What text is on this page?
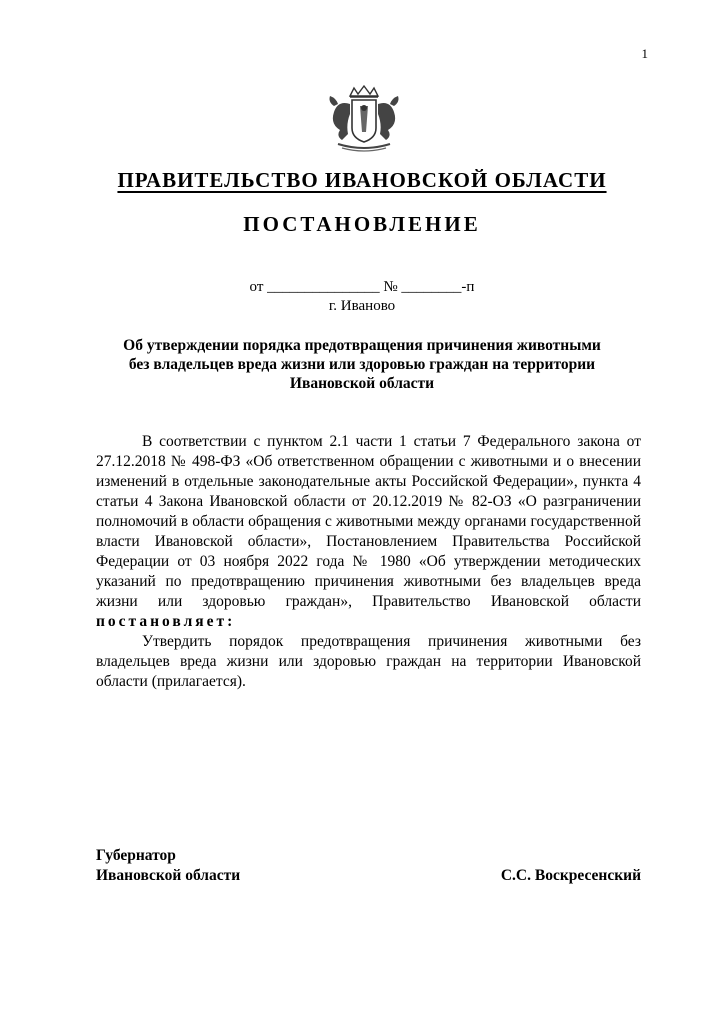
1
ПРАВИТЕЛЬСТВО ИВАНОВСКОЙ ОБЛАСТИ
ПОСТАНОВЛЕНИЕ
от _______________ № ________-п
г. Иваново
Об утверждении порядка предотвращения причинения животными
без владельцев вреда жизни или здоровью граждан на территории
Ивановской области

В соответствии с пунктом 2.1 части 1 статьи 7 Федерального закона от 27.12.2018 № 498-ФЗ «Об ответственном обращении с животными и о внесении изменений в отдельные законодательные акты Российской Федерации», пункта 4 статьи 4 Закона Ивановской области от 20.12.2019 № 82-ОЗ «О разграничении полномочий в области обращения с животными между органами государственной власти Ивановской области», Постановлением Правительства Российской Федерации от 03 ноября 2022 года № 1980 «Об утверждении методических указаний по предотвращению причинения животными без владельцев вреда жизни или здоровью граждан», Правительство Ивановской области постановляет:

Утвердить порядок предотвращения причинения животными без владельцев вреда жизни или здоровью граждан на территории Ивановской области (прилагается).

Губернатор
Ивановской области	С.С. Воскресенский
